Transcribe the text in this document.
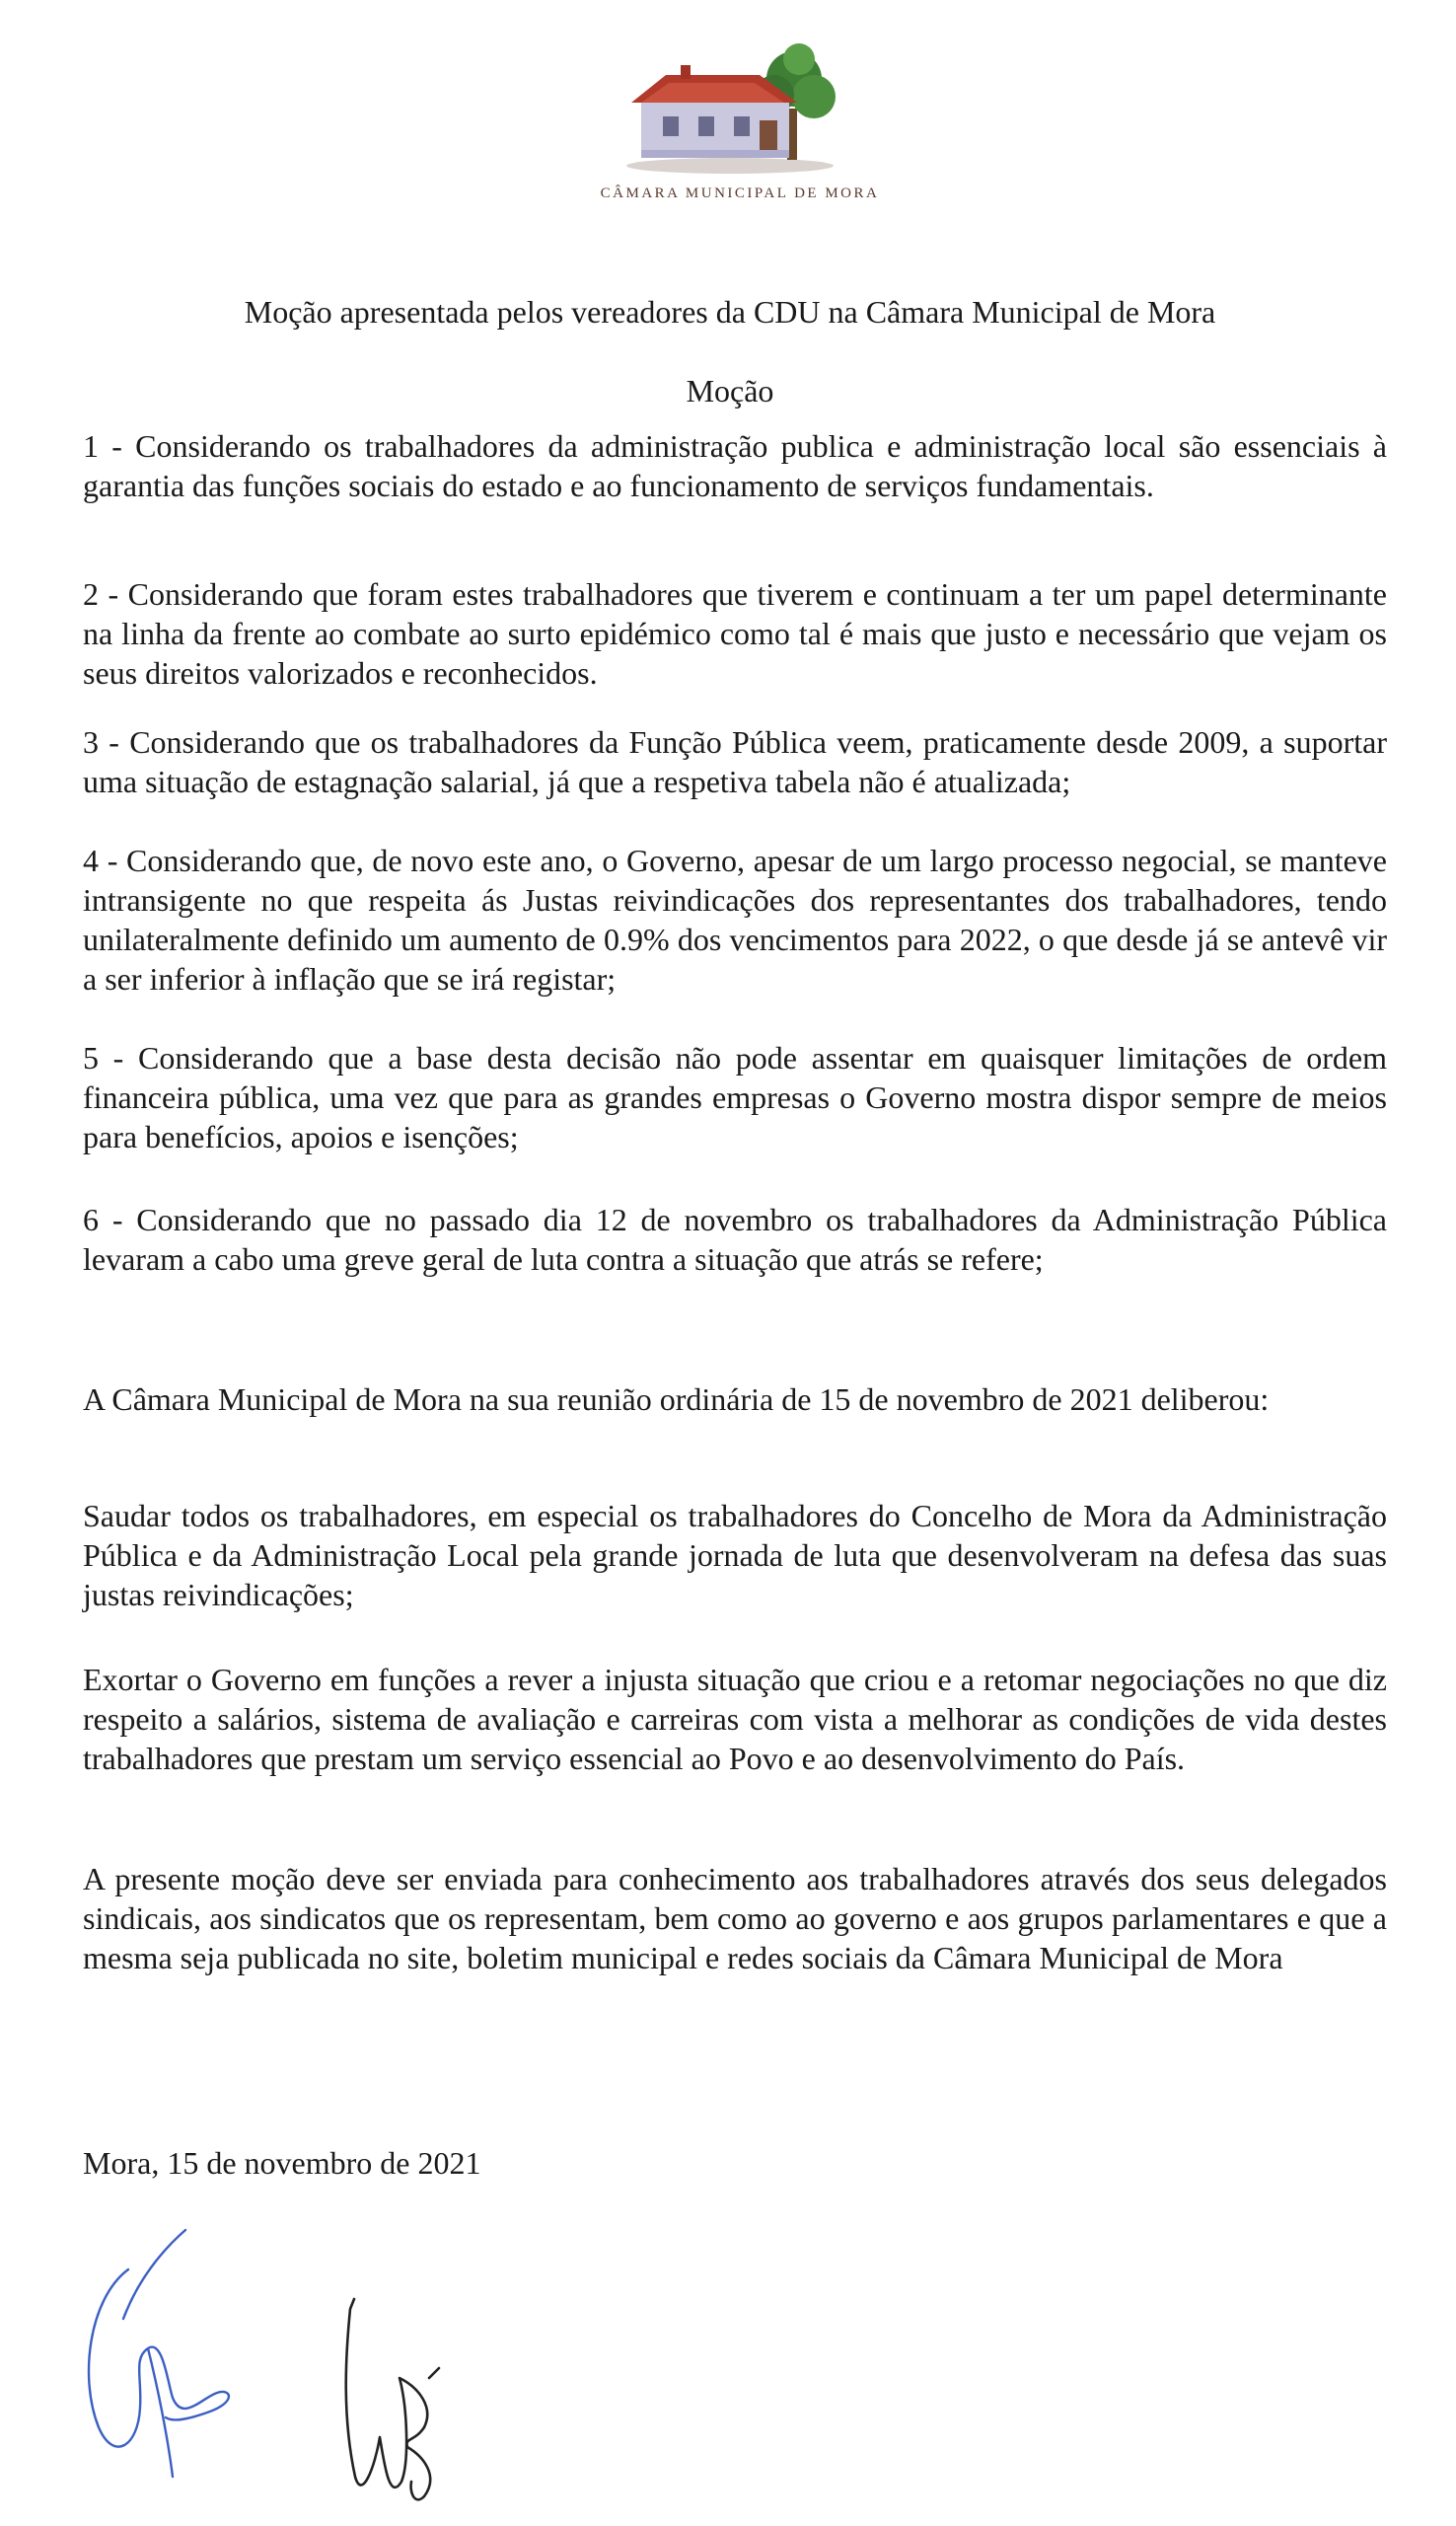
CÂMARA MUNICIPAL DE MORA
Moção apresentada pelos vereadores da CDU na Câmara Municipal de Mora
Moção

1 - Considerando os trabalhadores da administração publica e administração local são essenciais à garantia das funções sociais do estado e ao funcionamento de serviços fundamentais.

2 - Considerando que foram estes trabalhadores que tiverem e continuam a ter um papel determinante na linha da frente ao combate ao surto epidémico como tal é mais que justo e necessário que vejam os seus direitos valorizados e reconhecidos.

3 - Considerando que os trabalhadores da Função Pública veem, praticamente desde 2009, a suportar uma situação de estagnação salarial, já que a respetiva tabela não é atualizada;

4 - Considerando que, de novo este ano, o Governo, apesar de um largo processo negocial, se manteve intransigente no que respeita ás Justas reivindicações dos representantes dos trabalhadores, tendo unilateralmente definido um aumento de 0.9% dos vencimentos para 2022, o que desde já se antevê vir a ser inferior à inflação que se irá registar;

5 - Considerando que a base desta decisão não pode assentar em quaisquer limitações de ordem financeira pública, uma vez que para as grandes empresas o Governo mostra dispor sempre de meios para benefícios, apoios e isenções;

6 - Considerando que no passado dia 12 de novembro os trabalhadores da Administração Pública levaram a cabo uma greve geral de luta contra a situação que atrás se refere;

A Câmara Municipal de Mora na sua reunião ordinária de 15 de novembro de 2021 deliberou:

Saudar todos os trabalhadores, em especial os trabalhadores do Concelho de Mora da Administração Pública e da Administração Local pela grande jornada de luta que desenvolveram na defesa das suas justas reivindicações;

Exortar o Governo em funções a rever a injusta situação que criou e a retomar negociações no que diz respeito a salários, sistema de avaliação e carreiras com vista a melhorar as condições de vida destes trabalhadores que prestam um serviço essencial ao Povo e ao desenvolvimento do País.

A presente moção deve ser enviada para conhecimento aos trabalhadores através dos seus delegados sindicais, aos sindicatos que os representam, bem como ao governo e aos grupos parlamentares e que a mesma seja publicada no site, boletim municipal e redes sociais da Câmara Municipal de Mora

Mora, 15 de novembro de 2021
